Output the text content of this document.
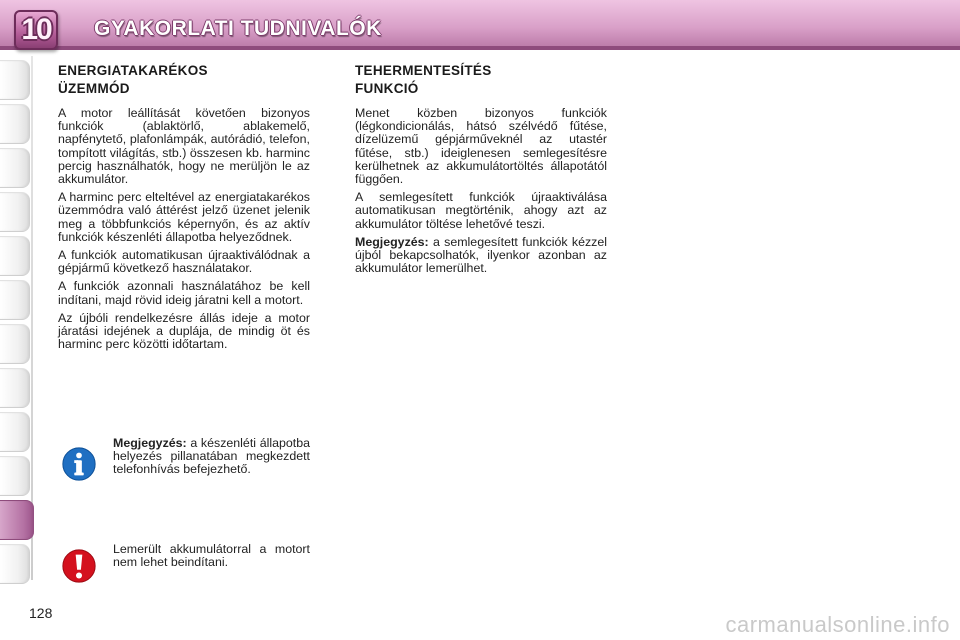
10 GYAKORLATI TUDNIVALÓK
ENERGIATAKARÉKOS
ÜZEMMÓD

A motor leállítását követően bizonyos funkciók (ablaktörlő, ablakemelő, napfénytető, plafonlámpák, autórádió, telefon, tompított világítás, stb.) összesen kb. harminc percig használhatók, hogy ne merüljön le az akkumulátor.

A harminc perc elteltével az energiatakarékos üzemmódra való áttérést jelző üzenet jelenik meg a többfunkciós képernyőn, és az aktív funkciók készenléti állapotba helyeződnek.

A funkciók automatikusan újraaktiválódnak a gépjármű következő használatakor.

A funkciók azonnali használatához be kell indítani, majd rövid ideig járatni kell a motort.

Az újbóli rendelkezésre állás ideje a motor járatási idejének a duplája, de mindig öt és harminc perc közötti időtartam.

TEHERMENTESÍTÉS
FUNKCIÓ

Menet közben bizonyos funkciók (légkondicionálás, hátsó szélvédő fűtése, dízelüzemű gépjárműveknél az utastér fűtése, stb.) ideiglenesen semlegesítésre kerülhetnek az akkumulátortöltés állapotától függően.

A semlegesített funkciók újraaktiválása automatikusan megtörténik, ahogy azt az akkumulátor töltése lehetővé teszi.

Megjegyzés: a semlegesített funkciók kézzel újból bekapcsolhatók, ilyenkor azonban az akkumulátor lemerülhet.

Megjegyzés: a készenléti állapotba helyezés pillanatában megkezdett telefonhívás befejezhető.
Lemerült akkumulátorral a motort nem lehet beindítani.
128	carmanualsonline.info
